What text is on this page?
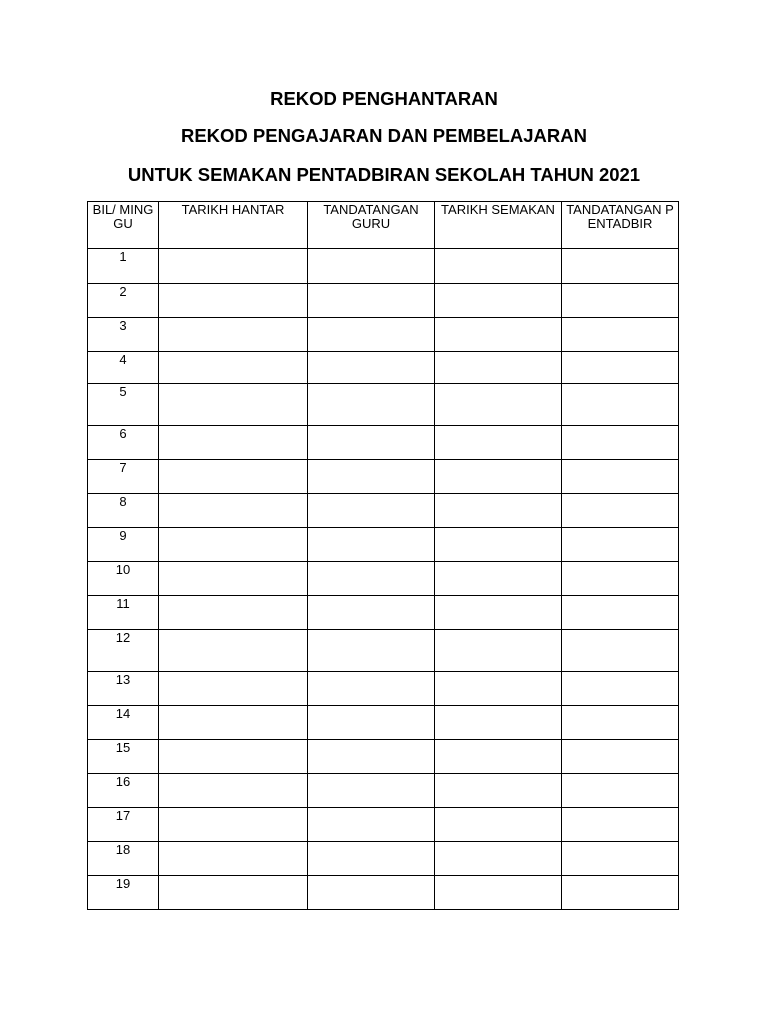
REKOD PENGHANTARAN
REKOD PENGAJARAN DAN PEMBELAJARAN
UNTUK SEMAKAN PENTADBIRAN SEKOLAH TAHUN 2021
BIL/ MINGGU	TARIKH HANTAR	TANDATANGAN GURU	TARIKH SEMAKAN	TANDATANGAN PENTADBIR
1				
2				
3				
4				
5				
6				
7				
8				
9				
10				
11				
12				
13				
14				
15				
16				
17				
18				
19				
